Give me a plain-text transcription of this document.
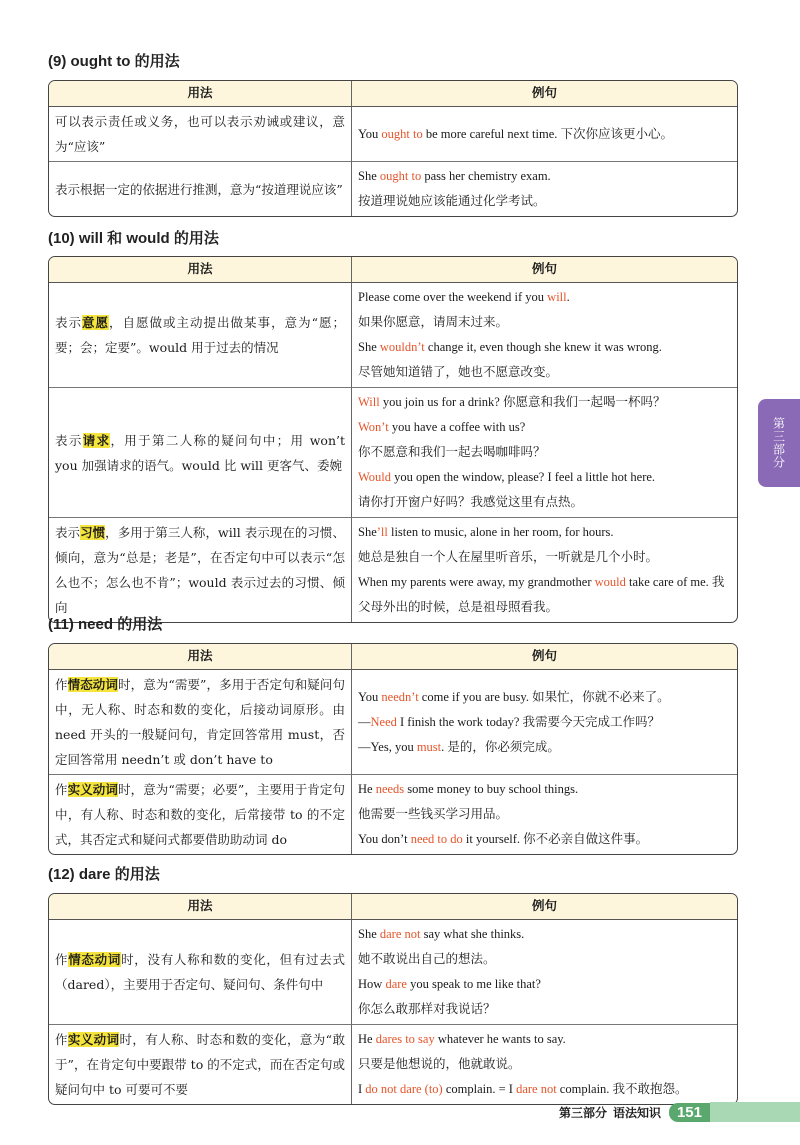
(9) ought to 的用法
用法	例句
可以表示责任或义务，也可以表示劝诫或建议，意为“应该”	You ought to be more careful next time. 下次你应该更小心。

表示根据一定的依据进行推测，意为“按道理说应该”	She ought to pass her chemistry exam.
按道理说她应该能通过化学考试。
(10) will 和 would 的用法
用法	例句
表示意愿，自愿做或主动提出做某事，意为“愿；要；会；定要”。would 用于过去的情况	Please come over the weekend if you will.
如果你愿意，请周末过来。
She wouldn’t change it, even though she knew it was wrong.
尽管她知道错了，她也不愿意改变。

表示请求，用于第二人称的疑问句中；用 won’t you 加强请求的语气。would 比 will 更客气、委婉	Will you join us for a drink? 你愿意和我们一起喝一杯吗？
Won’t you have a coffee with us?
你不愿意和我们一起去喝咖啡吗？
Would you open the window, please? I feel a little hot here.
请你打开窗户好吗？我感觉这里有点热。

表示习惯，多用于第三人称，will 表示现在的习惯、倾向，意为“总是；老是”，在否定句中可以表示“怎么也不；怎么也不肯”；would 表示过去的习惯、倾向	She’ll listen to music, alone in her room, for hours.
她总是独自一个人在屋里听音乐，一听就是几个小时。
When my parents were away, my grandmother would take care of me. 我父母外出的时候，总是祖母照看我。
(11) need 的用法
用法	例句
作情态动词时，意为“需要”，多用于否定句和疑问句中，无人称、时态和数的变化，后接动词原形。由 need 开头的一般疑问句，肯定回答常用 must，否定回答常用 needn’t 或 don’t have to	You needn’t come if you are busy. 如果忙，你就不必来了。
—Need I finish the work today? 我需要今天完成工作吗？
—Yes, you must. 是的，你必须完成。

作实义动词时，意为“需要；必要”，主要用于肯定句中，有人称、时态和数的变化，后常接带 to 的不定式，其否定式和疑问式都要借助助动词 do	He needs some money to buy school things.
他需要一些钱买学习用品。
You don’t need to do it yourself. 你不必亲自做这件事。
(12) dare 的用法
用法	例句
作情态动词时，没有人称和数的变化，但有过去式（dared），主要用于否定句、疑问句、条件句中	She dare not say what she thinks.
她不敢说出自己的想法。
How dare you speak to me like that?
你怎么敢那样对我说话？

作实义动词时，有人称、时态和数的变化，意为“敢于”，在肯定句中要跟带 to 的不定式，而在否定句或疑问句中 to 可要可不要	He dares to say whatever he wants to say.
只要是他想说的，他就敢说。
I do not dare (to) complain. = I dare not complain. 我不敢抱怨。
第三部分
第三部分 语法知识	151
